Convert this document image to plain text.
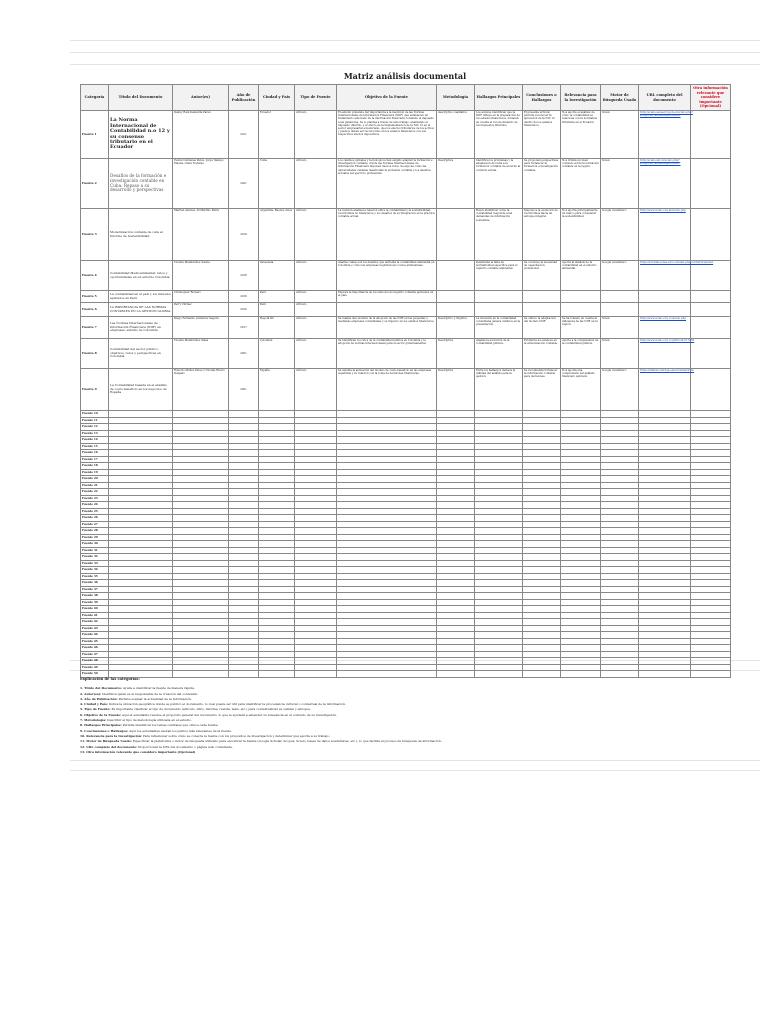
Matriz análisis documental
Categoría	Título del Documento	Autor(es)	Año de Publicación	Ciudad y País	Tipo de Fuente	Objetivo de la Fuente	Metodología	Hallazgos Principales	Conclusiones o Hallazgos	Relevancia para la Investigación	Motor de Búsqueda Usado	URL completo del documento	Otra información relevante que considere importante (Opcional)
Fuente 1	La Norma Internacional de Contabilidad n.o 12 y su consenso tributario en el Ecuador	Danny Raúl Kamarita Paren	2011	Ecuador	Artículo	El estudio pretende dar importancia a la medición de las Normas Internacionales de Información Financiera (NIIF) que establecen un tratamiento adecuado de la información financiera, tomando el impuesto a las ganancias. Se lo plantea a través de este trabajo, analizando el impuesto diferido, y el efecto de la implementación de la NIC 12 en el sector empresarial ecuatoriano, que los efectos tributarios de los activos y pasivos deben ser reconocidos en los estados financieros con sus respectivos efectos impositivos.	descriptivo cualitativo	Los autores identifican que la NIIF influye en la preparación de los estados financieros, tomando en cuenta el reconocimiento de los impuestos diferidos.	El presente artículo permite reconocer la aplicación de la NIC 12 dentro de los estados financieros.	Nos aporte el análisis de cómo la contabilidad se relaciona con la normativa tributaria en el Ecuador.	Scielo	http://scielo.senescyt.gob.ec/scielo.php?script=sci_arttext&pid=S2631	
Fuente 2	Desafíos de la formación e investigación contable en Cuba: Repaso a su desarrollo y perspectivas	Yusimí Cárdenas Pérez, Jorge Tamayo Pineda, Clara Nodarse	2021	Cuba	Artículo	Los cambios globales y tecnológicos han exigido adaptar la formación e investigación contable, donde las Normas Internacionales de Información Financiera imponen nuevos retos. Se expone cómo las universidades cubanas desarrollan la profesión contable y los desafíos actuales del ejercicio profesional.	Descriptiva	Identifica los problemas y la adaptación de Cuba a la formación contable de acuerdo al contexto actual.	Se proponen perspectivas para fortalecer la formación e investigación contable.	Nos brinda un buen contexto sobre la formación contable en la región.	Scielo	http://scielo.sld.cu/scielo.php?script=sci_arttext&pid=S2227	
Fuente 3	Modernización contable de cara al Informe de Sostenibilidad	Maribel Álvarez, Di Martino Parra	2019	Argentina, Buenos Aires	Artículo	La revisión analiza la relación entre la contabilidad y la sostenibilidad, los informes no financieros y los desafíos de su integración en la práctica contable actual.		Busca identificar cómo la contabilidad responde a las demandas de información sostenible.	Dispone a la evolución de los informes hacia un enfoque integral.	Nos aporta principalmente un marco para considerar la sostenibilidad.	Google Académico	http://www.scielo.org.ar/scielo.php	
Fuente 4	Contabilidad Medioambiental: retos y oportunidades en un entorno Colombia	Vicente Membreños Solano	2018	Venezuela	Artículo	Analiza cuáles son los desafíos que enfrenta la contabilidad ambiental en Colombia y cómo las empresas registran sus costos ambientales.		Determina la falta de normatividad específica para el registro contable ambiental.	Se concluye la necesidad de capacitación profesional.	Aporta al análisis de la contabilidad en el entorno ambiental.	Google Académico	https://revistas.udea.edu.co/index.php/cont/article/view	
Fuente 5	La contabilidad en el país y los métodos aplicados en Perú	Christopher Romero	2016	Perú	Artículo	Explora la importancia de los métodos de registro contable aplicados en el país.							
Fuente 6	La IMPORTANCIA DE LAS NORMAS CONTABLES EN LA GESTIÓN GLOBAL	Perry Vilchez	2016	Perú	Artículo								
Fuente 7	Las Normas Internacionales de Información Financiera (NIIF) en empresas: estudio de Colombia	Diego Fernando Gutiérrez Segura	2017	Bogotá DC	Artículo	Se realiza una revisión de la adopción de las NIIF en las pequeñas y medianas empresas colombianas y su impacto en los estados financieros.	Descriptivo y Objetivo	La inclusión en la contabilidad colombiana genera cambios en la presentación.	Se obtuvo la adaptación del modelo NIIF.	Se ha tomado en cuenta la influencia de las NIIF en la región.	Scielo	http://www.scielo.org.co/scielo.php	
Fuente 8	Contabilidad del sector público: objetivos, retos y perspectivas en Colombia	Vicente Membreños Salas	2021	Colombia	Artículo	Se identifican los retos de la contabilidad pública en Colombia y la adopción de normas internacionales para el sector gubernamental.	Descriptiva	Analiza la evolución de la contabilidad pública.	Evidencia los avances en la armonización contable.	Aporte a la comprensión de la contabilidad pública.	Scielo	http://www.scielo.org.co/pdf/cont/v17n33	
Fuente 9	La Contabilidad basada en el análisis de costo-beneficio en los negocios de España	Roberto Muñoz Pérez y Nicolás Rivero Delgado	2021	España	Artículo	Se estudia la aplicación del modelo de costo-beneficio en las empresas españolas y su relación con la toma de decisiones financieras.	Descriptiva	Entre los hallazgos destaca la utilidad del análisis para la gestión.	Se recomienda fortalecer la información contable para decisiones.	Nos aporta una comprensión del análisis financiero aplicado.	Google Académico	https://dialnet.unirioja.es/servlet/articulo	
Fuente 10													
Fuente 11													
Fuente 12													
Fuente 13													
Fuente 14													
Fuente 15													
Fuente 16													
Fuente 17													
Fuente 18													
Fuente 19													
Fuente 20													
Fuente 21													
Fuente 22													
Fuente 23													
Fuente 24													
Fuente 25													
Fuente 26													
Fuente 27													
Fuente 28													
Fuente 29													
Fuente 30													
Fuente 31													
Fuente 32													
Fuente 33													
Fuente 34													
Fuente 35													
Fuente 36													
Fuente 37													
Fuente 38													
Fuente 39													
Fuente 40													
Fuente 41													
Fuente 42													
Fuente 43													
Fuente 44													
Fuente 45													
Fuente 46													
Fuente 47													
Fuente 48													
Fuente 49													
Fuente 50													
Explicación de las categorías:
1. Título del Documento: Ayuda a identificar la fuente de manera rápida.
2. Autor(es): Identifica quién es el responsable de la creación del contenido.
3. Año de Publicación: Permite evaluar la actualidad de la información.
4. Ciudad y País: Indica la ubicación geográfica donde se publicó el documento, lo cual puede ser útil para identificar la procedencia cultural o contextual de la información.
5. Tipo de Fuente: Es importante clasificar el tipo de documento (artículo, libro, informe, revista, tesis, etc.) para contextualizar su validez y enfoque.
6. Objetivo de la Fuente: aquí el estudiante resume el propósito general del documento, lo que le ayudará a entender su relevancia en el contexto de su investigación.
7. Metodología: Describir el tipo de metodología utilizada en el estudio.
8. Hallazgos Principales: Permite identificar los temas centrales que ofrece cada fuente.
9. Conclusiones o Hallazgos: Aquí los estudiantes anotan los puntos más relevantes de la fuente.
10. Relevancia para la Investigación: Para reflexionar sobre cómo se conecta la fuente con los propósitos de investigación y determinar qué aporta a su trabajo.
11. Motor de Búsqueda Usado: Especificar la plataforma o motor de búsqueda utilizado para encontrar la fuente (Google Scholar, Scopus, Scielo, bases de datos académicas, etc.), lo que facilita el proceso de búsqueda de información.
12. URL completo del documento: Proporcionar la URL del documento o página web consultada.
13. Otra información relevante que considere importante (Opcional)
